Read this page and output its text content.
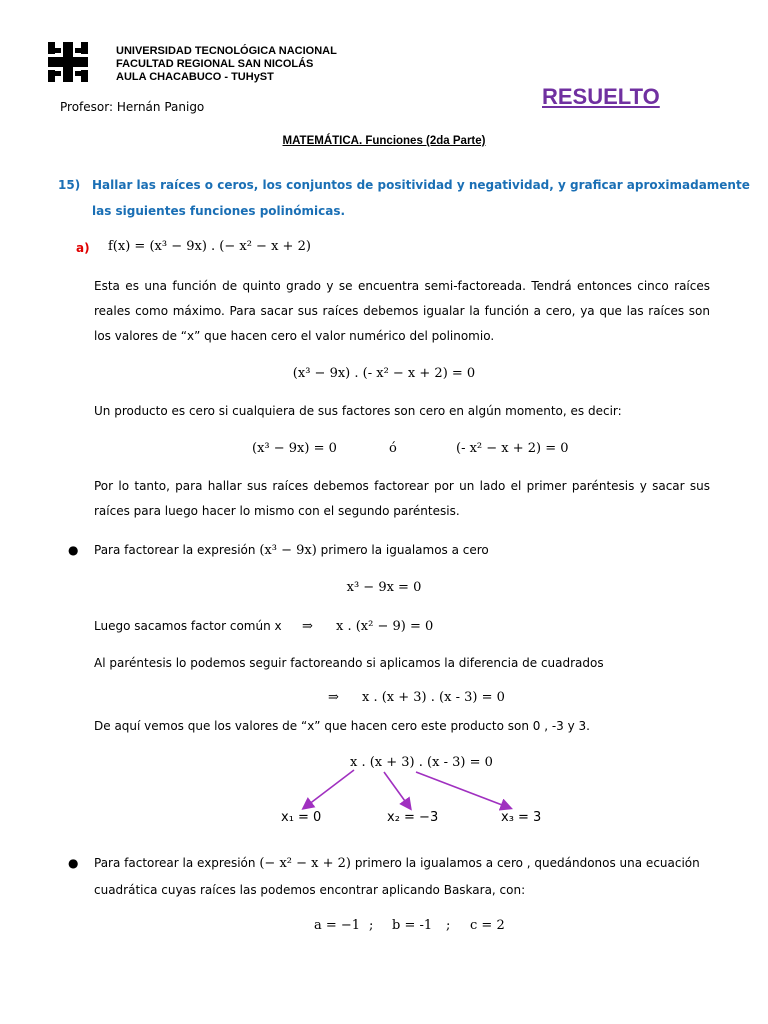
UNIVERSIDAD TECNOLÓGICA NACIONAL
FACULTAD REGIONAL SAN NICOLÁS
AULA CHACABUCO - TUHySТ
Profesor: Hernán Panigo	RESUELTO
MATEMÁTICA. Funciones (2da Parte)
15) Hallar las raíces o ceros, los conjuntos de positividad y negatividad, y graficar aproximadamente
las siguientes funciones polinómicas.
a) f(x) = (x³ − 9x) . (− x² − x + 2)
Esta es una función de quinto grado y se encuentra semi-factoreada. Tendrá entonces cinco raíces reales como máximo. Para sacar sus raíces debemos igualar la función a cero, ya que las raíces son los valores de “x” que hacen cero el valor numérico del polinomio.
(x³ − 9x) . (- x² − x + 2) = 0
Un producto es cero si cualquiera de sus factores son cero en algún momento, es decir:
(x³ − 9x) = 0	ó	(- x² − x + 2) = 0
Por lo tanto, para hallar sus raíces debemos factorear por un lado el primer paréntesis y sacar sus raíces para luego hacer lo mismo con el segundo paréntesis.
● Para factorear la expresión (x³ − 9x) primero la igualamos a cero
x³ − 9x = 0
Luego sacamos factor común x ⇒ x . (x² − 9) = 0
Al paréntesis lo podemos seguir factoreando si aplicamos la diferencia de cuadrados
⇒ x . (x + 3) . (x - 3) = 0
De aquí vemos que los valores de “x” que hacen cero este producto son 0 , -3 y 3.
x . (x + 3) . (x - 3) = 0
x₁ = 0	x₂ = −3	x₃ = 3
● Para factorear la expresión (− x² − x + 2) primero la igualamos a cero , quedándonos una ecuación
cuadrática cuyas raíces las podemos encontrar aplicando Baskara, con:
a = −1 ; b = -1 ; c = 2
